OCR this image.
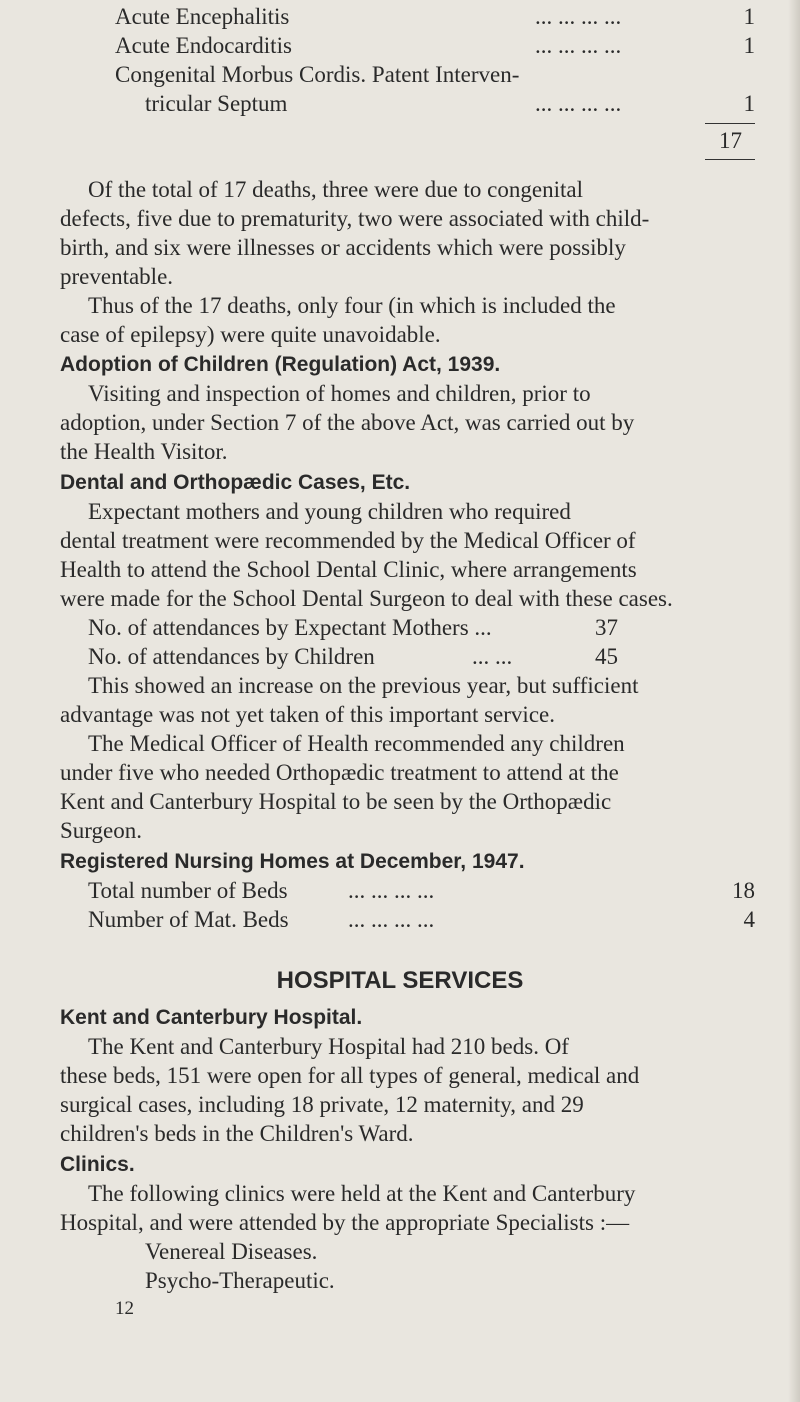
Acute Encephalitis	... ... ... ...	1
Acute Endocarditis	... ... ... ...	1
Congenital Morbus Cordis. Patent Interven-
tricular Septum	... ... ... ...	1
17
Of the total of 17 deaths, three were due to congenital
defects, five due to prematurity, two were associated with child-
birth, and six were illnesses or accidents which were possibly
preventable.
Thus of the 17 deaths, only four (in which is included the
case of epilepsy) were quite unavoidable.
Adoption of Children (Regulation) Act, 1939.
Visiting and inspection of homes and children, prior to
adoption, under Section 7 of the above Act, was carried out by
the Health Visitor.
Dental and Orthopædic Cases, Etc.
Expectant mothers and young children who required
dental treatment were recommended by the Medical Officer of
Health to attend the School Dental Clinic, where arrangements
were made for the School Dental Surgeon to deal with these cases.
No. of attendances by Expectant Mothers ...	37
No. of attendances by Children	... ...	45
This showed an increase on the previous year, but sufficient
advantage was not yet taken of this important service.
The Medical Officer of Health recommended any children
under five who needed Orthopædic treatment to attend at the
Kent and Canterbury Hospital to be seen by the Orthopædic
Surgeon.
Registered Nursing Homes at December, 1947.
Total number of Beds	... ... ... ...	18
Number of Mat. Beds	... ... ... ...	4
HOSPITAL SERVICES
Kent and Canterbury Hospital.
The Kent and Canterbury Hospital had 210 beds. Of
these beds, 151 were open for all types of general, medical and
surgical cases, including 18 private, 12 maternity, and 29
children's beds in the Children's Ward.
Clinics.
The following clinics were held at the Kent and Canterbury
Hospital, and were attended by the appropriate Specialists :—
Venereal Diseases.
Psycho-Therapeutic.
12
